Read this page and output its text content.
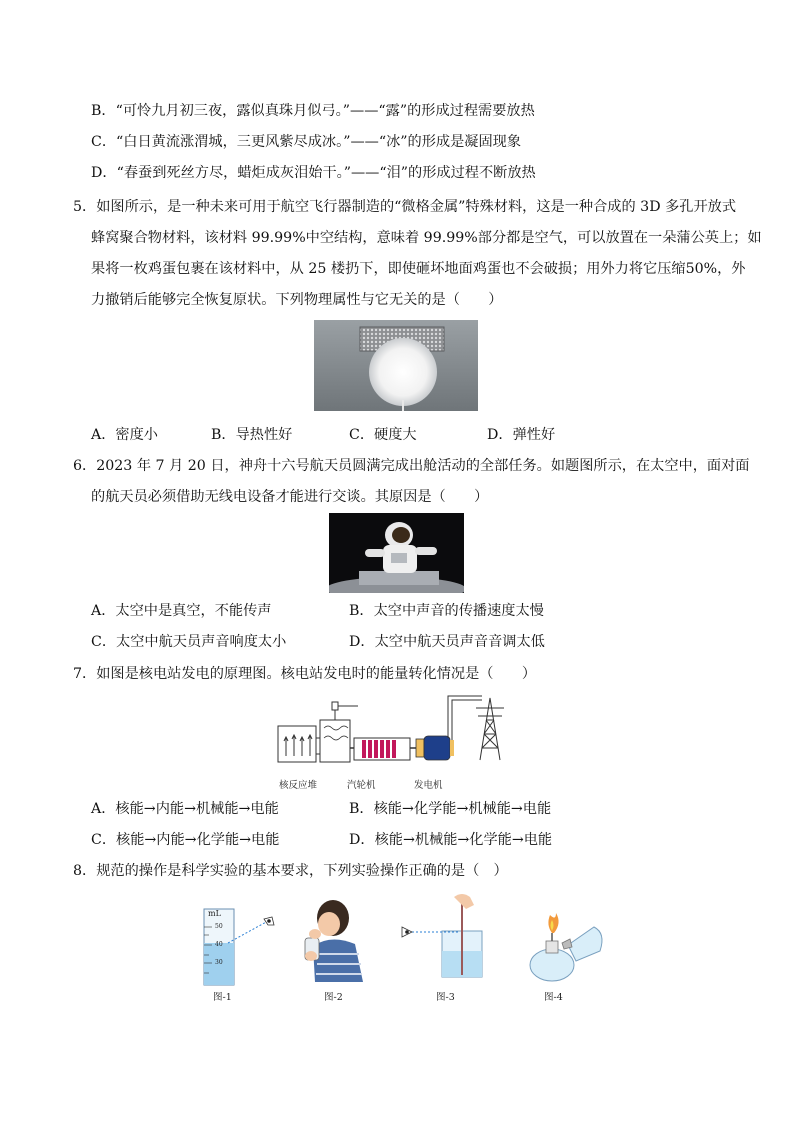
B．“可怜九月初三夜，露似真珠月似弓。”——“露”的形成过程需要放热
C．“白日黄流涨渭城，三更风紫尽成冰。”——“冰”的形成是凝固现象
D．“春蚕到死丝方尽，蜡炬成灰泪始干。”——“泪”的形成过程不断放热
5．如图所示，是一种未来可用于航空飞行器制造的“微格金属”特殊材料，这是一种合成的 3D 多孔开放式
蜂窝聚合物材料，该材料 99.99%中空结构，意味着 99.99%部分都是空气，可以放置在一朵蒲公英上；如
果将一枚鸡蛋包裹在该材料中，从 25 楼扔下，即使砸坏地面鸡蛋也不会破损；用外力将它压缩50%，外
力撤销后能够完全恢复原状。下列物理属性与它无关的是（　　）
A．密度小	B．导热性好	C．硬度大	D．弹性好
6．2023 年 7 月 20 日，神舟十六号航天员圆满完成出舱活动的全部任务。如题图所示，在太空中，面对面
的航天员必须借助无线电设备才能进行交谈。其原因是（　　）
A．太空中是真空，不能传声	B．太空中声音的传播速度太慢
C．太空中航天员声音响度太小	D．太空中航天员声音音调太低
7．如图是核电站发电的原理图。核电站发电时的能量转化情况是（　　）
核反应堆	汽轮机	发电机
A．核能→内能→机械能→电能	B．核能→化学能→机械能→电能
C．核能→内能→化学能→电能	D．核能→机械能→化学能→电能
8．规范的操作是科学实验的基本要求，下列实验操作正确的是（　）
mL
50
40
30
图-1	图-2	图-3	图-4
